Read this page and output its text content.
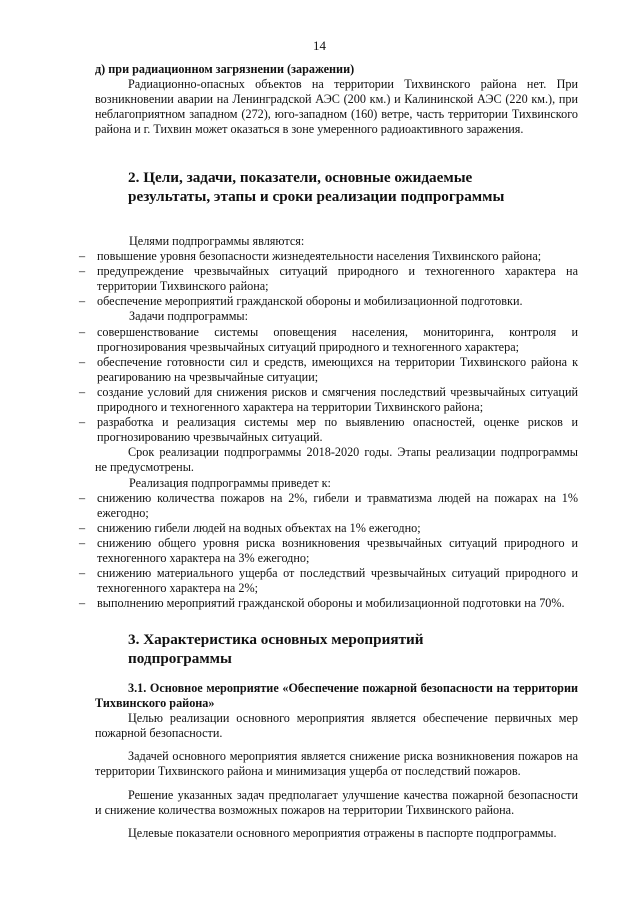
14

д) при радиационном загрязнении (заражении)

Радиационно-опасных объектов на территории Тихвинского района нет. При возникновении аварии на Ленинградской АЭС (200 км.) и Калининской АЭС (220 км.), при неблагоприятном западном (272), юго-западном (160) ветре, часть территории Тихвинского района и г. Тихвин может оказаться в зоне умеренного радиоактивного заражения.

2. Цели, задачи, показатели, основные ожидаемые результаты, этапы и сроки реализации подпрограммы

Целями подпрограммы являются:

– повышение уровня безопасности жизнедеятельности населения Тихвинского района;
– предупреждение чрезвычайных ситуаций природного и техногенного характера на территории Тихвинского района;
– обеспечение мероприятий гражданской обороны и мобилизационной подготовки.

Задачи подпрограммы:

– совершенствование системы оповещения населения, мониторинга, контроля и прогнозирования чрезвычайных ситуаций природного и техногенного характера;
– обеспечение готовности сил и средств, имеющихся на территории Тихвинского района к реагированию на чрезвычайные ситуации;
– создание условий для снижения рисков и смягчения последствий чрезвычайных ситуаций природного и техногенного характера на территории Тихвинского района;
– разработка и реализация системы мер по выявлению опасностей, оценке рисков и прогнозированию чрезвычайных ситуаций.

Срок реализации подпрограммы 2018-2020 годы. Этапы реализации подпрограммы не предусмотрены.

Реализация подпрограммы приведет к:

– снижению количества пожаров на 2%, гибели и травматизма людей на пожарах на 1% ежегодно;
– снижению гибели людей на водных объектах на 1% ежегодно;
– снижению общего уровня риска возникновения чрезвычайных ситуаций природного и техногенного характера на 3% ежегодно;
– снижению материального ущерба от последствий чрезвычайных ситуаций природного и техногенного характера на 2%;
– выполнению мероприятий гражданской обороны и мобилизационной подготовки на 70%.
3. Характеристика основных мероприятий подпрограммы

3.1. Основное мероприятие «Обеспечение пожарной безопасности на территории Тихвинского района»

Целью реализации основного мероприятия является обеспечение первичных мер пожарной безопасности.

Задачей основного мероприятия является снижение риска возникновения пожаров на территории Тихвинского района и минимизация ущерба от последствий пожаров.

Решение указанных задач предполагает улучшение качества пожарной безопасности и снижение количества возможных пожаров на территории Тихвинского района.

Целевые показатели основного мероприятия отражены в паспорте подпрограммы.
